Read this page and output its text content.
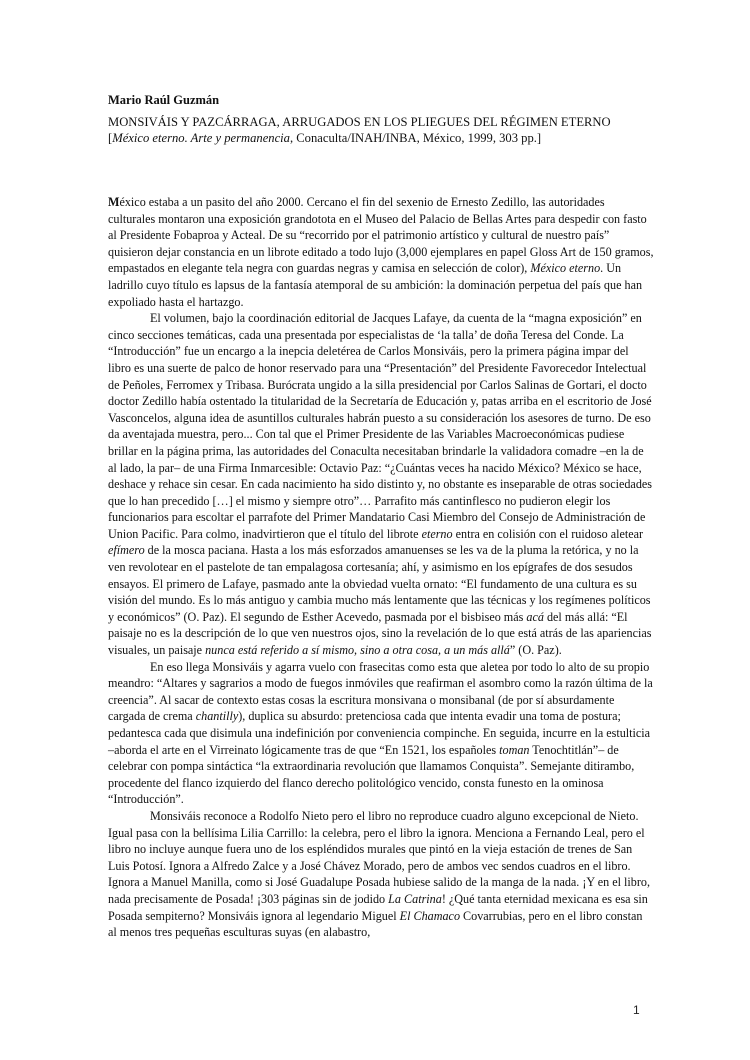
Mario Raúl Guzmán
MONSIVÁIS Y PAZCÁRRAGA, ARRUGADOS EN LOS PLIEGUES DEL RÉGIMEN ETERNO
[México eterno. Arte y permanencia, Conaculta/INAH/INBA, México, 1999, 303 pp.]

México estaba a un pasito del año 2000. Cercano el fin del sexenio de Ernesto Zedillo, las autoridades culturales montaron una exposición grandotota en el Museo del Palacio de Bellas Artes para despedir con fasto al Presidente Fobaproa y Acteal. De su “recorrido por el patrimonio artístico y cultural de nuestro país” quisieron dejar constancia en un librote editado a todo lujo (3,000 ejemplares en papel Gloss Art de 150 gramos, empastados en elegante tela negra con guardas negras y camisa en selección de color), México eterno. Un ladrillo cuyo título es lapsus de la fantasía atemporal de su ambición: la dominación perpetua del país que han expoliado hasta el hartazgo.

El volumen, bajo la coordinación editorial de Jacques Lafaye, da cuenta de la “magna exposición” en cinco secciones temáticas, cada una presentada por especialistas de ‘la talla’ de doña Teresa del Conde. La “Introducción” fue un encargo a la inepcia deletérea de Carlos Monsiváis, pero la primera página impar del libro es una suerte de palco de honor reservado para una “Presentación” del Presidente Favorecedor Intelectual de Peñoles, Ferromex y Tribasa. Burócrata ungido a la silla presidencial por Carlos Salinas de Gortari, el docto doctor Zedillo había ostentado la titularidad de la Secretaría de Educación y, patas arriba en el escritorio de José Vasconcelos, alguna idea de asuntillos culturales habrán puesto a su consideración los asesores de turno. De eso da aventajada muestra, pero... Con tal que el Primer Presidente de las Variables Macroeconómicas pudiese brillar en la página prima, las autoridades del Conaculta necesitaban brindarle la validadora comadre –en la de al lado, la par– de una Firma Inmarcesible: Octavio Paz: “¿Cuántas veces ha nacido México? México se hace, deshace y rehace sin cesar. En cada nacimiento ha sido distinto y, no obstante es inseparable de otras sociedades que lo han precedido […] el mismo y siempre otro”… Parrafito más cantinflesco no pudieron elegir los funcionarios para escoltar el parrafote del Primer Mandatario Casi Miembro del Consejo de Administración de Union Pacific. Para colmo, inadvirtieron que el título del librote eterno entra en colisión con el ruidoso aletear efímero de la mosca paciana. Hasta a los más esforzados amanuenses se les va de la pluma la retórica, y no la ven revolotear en el pastelote de tan empalagosa cortesanía; ahí, y asimismo en los epígrafes de dos sesudos ensayos. El primero de Lafaye, pasmado ante la obviedad vuelta ornato: “El fundamento de una cultura es su visión del mundo. Es lo más antiguo y cambia mucho más lentamente que las técnicas y los regímenes políticos y económicos” (O. Paz). El segundo de Esther Acevedo, pasmada por el bisbiseo más acá del más allá: “El paisaje no es la descripción de lo que ven nuestros ojos, sino la revelación de lo que está atrás de las apariencias visuales, un paisaje nunca está referido a sí mismo, sino a otra cosa, a un más allá” (O. Paz).

En eso llega Monsiváis y agarra vuelo con frasecitas como esta que aletea por todo lo alto de su propio meandro: “Altares y sagrarios a modo de fuegos inmóviles que reafirman el asombro como la razón última de la creencia”. Al sacar de contexto estas cosas la escritura monsivana o monsibanal (de por sí absurdamente cargada de crema chantilly), duplica su absurdo: pretenciosa cada que intenta evadir una toma de postura; pedantesca cada que disimula una indefinición por conveniencia compinche. En seguida, incurre en la estulticia –aborda el arte en el Virreinato lógicamente tras de que “En 1521, los españoles toman Tenochtitlán”– de celebrar con pompa sintáctica “la extraordinaria revolución que llamamos Conquista”. Semejante ditirambo, procedente del flanco izquierdo del flanco derecho politológico vencido, consta funesto en la ominosa “Introducción”.

Monsiváis reconoce a Rodolfo Nieto pero el libro no reproduce cuadro alguno excepcional de Nieto. Igual pasa con la bellísima Lilia Carrillo: la celebra, pero el libro la ignora. Menciona a Fernando Leal, pero el libro no incluye aunque fuera uno de los espléndidos murales que pintó en la vieja estación de trenes de San Luis Potosí. Ignora a Alfredo Zalce y a José Chávez Morado, pero de ambos vec sendos cuadros en el libro. Ignora a Manuel Manilla, como si José Guadalupe Posada hubiese salido de la manga de la nada. ¡Y en el libro, nada precisamente de Posada! ¡303 páginas sin de jodido La Catrina! ¿Qué tanta eternidad mexicana es esa sin Posada sempiterno? Monsiváis ignora al legendario Miguel El Chamaco Covarrubias, pero en el libro constan al menos tres pequeñas esculturas suyas (en alabastro,

1
